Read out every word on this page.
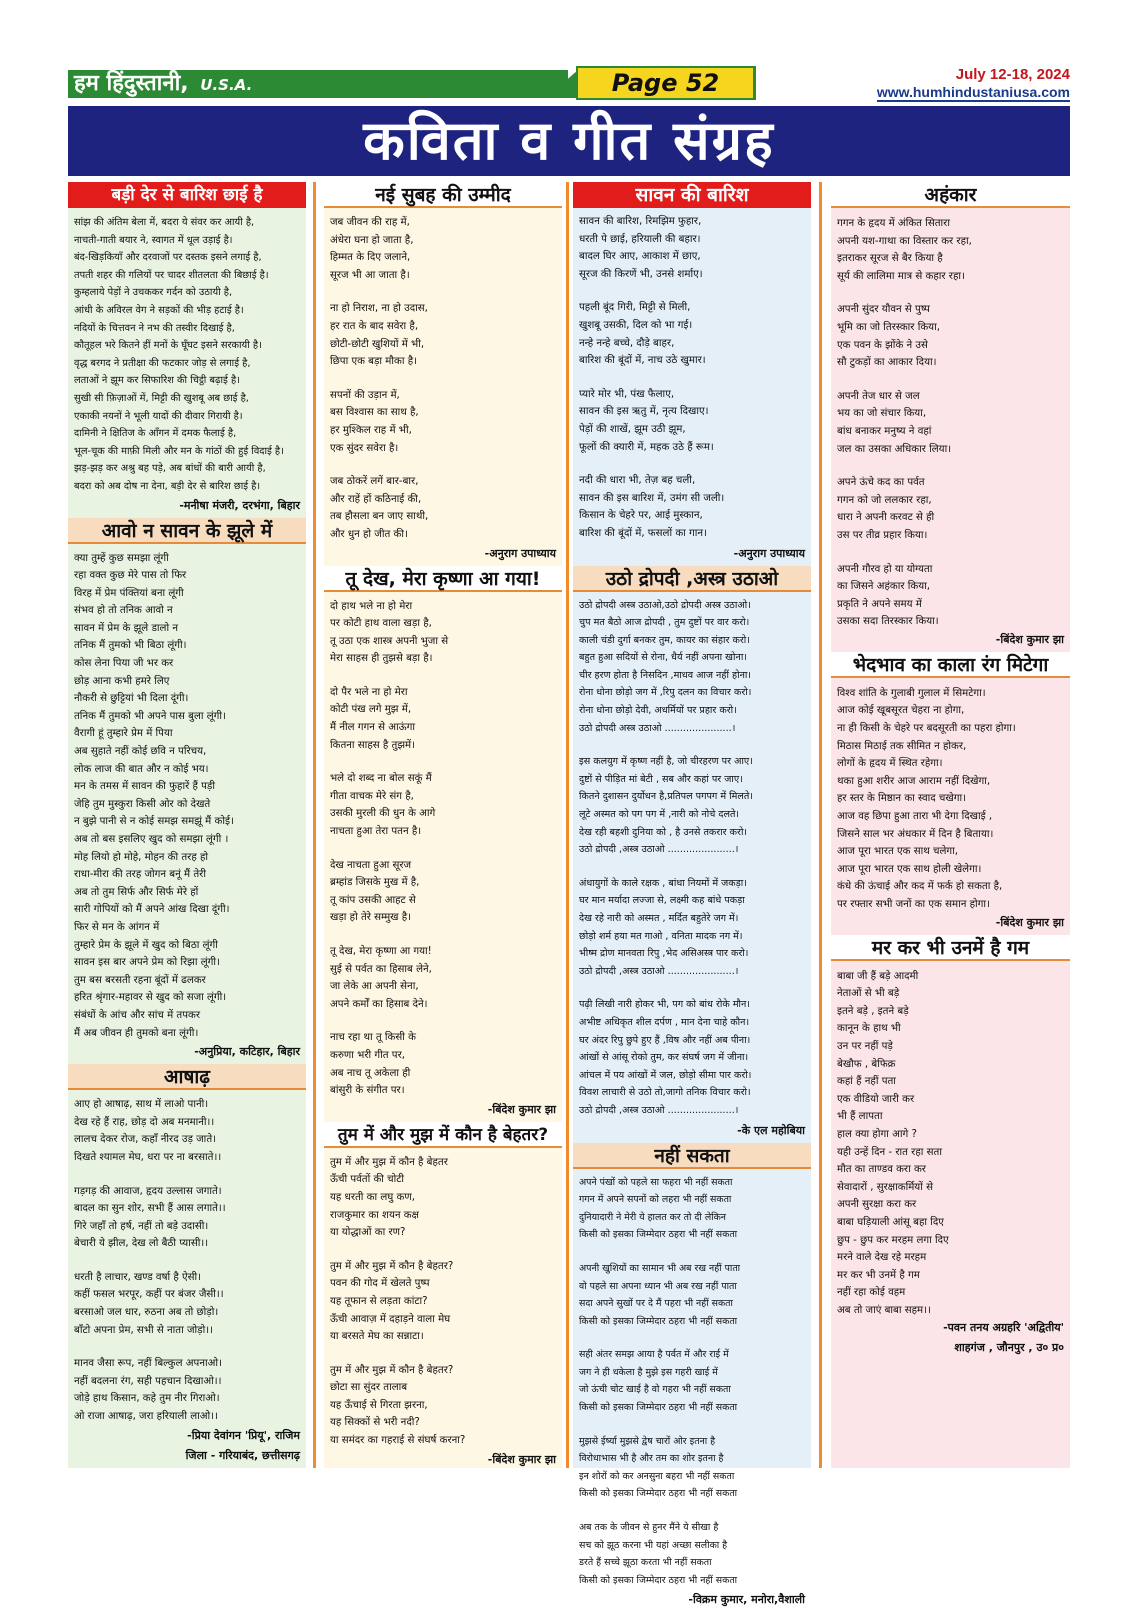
हम हिंदुस्तानी, U.S.A.	Page 52	July 12-18, 2024
www.humhindustaniusa.com
कविता व गीत संग्रह
बड़ी देर से बारिश छाई है
सांझ की अंतिम बेला में, बदरा ये संवर कर आयी है,
नाचती-गाती बयार ने, स्वागत में धूल उड़ाई है।
बंद-खिड़कियाँ और दरवाजों पर दस्तक इसने लगाई है,
तपती शहर की गलियों पर चादर शीतलता की बिछाई है।
कुम्हलाये पेड़ों ने उचककर गर्दन को उठायी है,
आंधी के अविरल वेग ने सड़कों की भीड़ हटाई है।
नदियों के चित्तवन ने नभ की तस्वीर दिखाई है,
कौतूहल भरे कितने हीं मनों के घूँघट इसने सरकायी है।
वृद्ध बरगद ने प्रतीक्षा की फटकार जोड़ से लगाई है,
लताओं ने झूम कर सिफारिश की चिट्ठी बढ़ाई है।
सुखी सी फ़िज़ाओं में, मिट्टी की खुशबू अब छाई है,
एकाकी नयनों ने भूली यादों की दीवार गिरायी है।
दामिनी ने क्षितिज के आँगन में दमक फैलाई है,
भूल-चूक की माफ़ी मिली और मन के गांठों की हुई विदाई है।
झड़-झड़ कर अश्रु बह पड़े, अब बांधों की बारी आयी है,
बदरा को अब दोष ना देना, बड़ी देर से बारिश छाई है।
-मनीषा मंजरी, दरभंगा, बिहार
आवो न सावन के झूले में
क्या तुम्हें कुछ समझा लूंगी
रहा वक्त कुछ मेरे पास तो फिर
विरह में प्रेम पंक्तियां बना लूंगी
संभव हो तो तनिक आवो न
सावन में प्रेम के झूले डालो न
तनिक मैं तुमको भी बिठा लूंगी।
कोस लेना पिया जी भर कर
छोड़ आना कभी हमरे लिए
नौकरी से छुट्टियां भी दिला दूंगी।
तनिक मैं तुमको भी अपने पास बुला लूंगी।
वैरागी हूं तुम्हारे प्रेम में पिया
अब सुहाते नहीं कोई छवि न परिचय,
लोक लाज की बात और न कोई भय।
मन के तमस में सावन की फुहारें हैं पड़ी
जेहि तुम मुस्कुरा किसी ओर को देखते
न बुझे पानी से न कोई समझ समझूं मैं कोई।
अब तो बस इसलिए खुद को समझा लूंगी ।
मोह लियो हो मोहे, मोहन की तरह हो
राधा-मीरा की तरह जोगन बनूं मैं तेरी
अब तो तुम सिर्फ और सिर्फ मेरे हों
सारी गोपियों को मैं अपने आंख दिखा दूंगी।
फिर से मन के आंगन में
तुम्हारे प्रेम के झूले में खुद को बिठा लूंगी
सावन इस बार अपने प्रेम को रिझा लूंगी।
तुम बस बरसती रहना बूंदों में ढलकर
हरित श्रृंगार-महावर से खुद को सजा लूंगी।
संबंधों के आंच और सांच में तपकर
मैं अब जीवन ही तुमको बना लूंगी।
-अनुप्रिया, कटिहार, बिहार
आषाढ़
आए हो आषाढ़, साथ में लाओ पानी।
देख रहे हैं राह, छोड़ दो अब मनमानी।।
लालच देकर रोज, कहाँ नीरद उड़ जाते।
दिखते श्यामल मेघ, धरा पर ना बरसाते।।
गड़गड़ की आवाज, हृदय उल्लास जगाते।
बादल का सुन शोर, सभी हैं आस लगाते।।
गिरे जहाँ तो हर्ष, नहीं तो बड़े उदासी।
बेचारी ये झील, देख लो बैठी प्यासी।।
धरती है लाचार, खण्ड वर्षा है ऐसी।
कहीं फसल भरपूर, कहीं पर बंजर जैसी।।
बरसाओ जल धार, रुठना अब तो छोड़ो।
बाँटो अपना प्रेम, सभी से नाता जोड़ो।।
मानव जैसा रूप, नहीं बिल्कुल अपनाओ।
नहीं बदलना रंग, सही पहचान दिखाओ।।
जोड़े हाथ किसान, कहे तुम नीर गिराओ।
ओ राजा आषाढ़, जरा हरियाली लाओ।।
-प्रिया देवांगन 'प्रियू', राजिम
जिला - गरियाबंद, छत्तीसगढ़
नई सुबह की उम्मीद
जब जीवन की राह में,
अंधेरा घना हो जाता है,
हिम्मत के दिए जलाने,
सूरज भी आ जाता है।
ना हो निराश, ना हो उदास,
हर रात के बाद सवेरा है,
छोटी-छोटी खुशियों में भी,
छिपा एक बड़ा मौका है।
सपनों की उड़ान में,
बस विश्वास का साथ है,
हर मुश्किल राह में भी,
एक सुंदर सवेरा है।
जब ठोकरें लगें बार-बार,
और राहें हों कठिनाई की,
तब हौसला बन जाए साथी,
और धुन हो जीत की।
-अनुराग उपाध्याय
तू देख, मेरा कृष्णा आ गया!
दो हाथ भले ना हो मेरा
पर कोटी हाथ वाला खड़ा है,
तू उठा एक शास्त्र अपनी भुजा से
मेरा साहस ही तुझसे बड़ा है।
दो पैर भले ना हो मेरा
कोटी पंख लगे मुझ में,
मैं नील गगन से आऊंगा
कितना साहस है तुझमें।
भले दो शब्द ना बोल सकूं मैं
गीता वाचक मेरे संग है,
उसकी मुरली की धुन के आगे
नाचता हुआ तेरा पतन है।
देख नाचता हुआ सूरज
ब्रम्हांड जिसके मुख में है,
तू कांप उसकी आहट से
खड़ा हो तेरे सम्मुख है।
तू देख, मेरा कृष्णा आ गया!
सुई से पर्वत का हिसाब लेने,
जा लेके आ अपनी सेना,
अपने कर्मों का हिसाब देने।
नाच रहा था तू किसी के
करुणा भरी गीत पर,
अब नाच तू अकेला ही
बांसुरी के संगीत पर।
-बिंदेश कुमार झा
तुम में और मुझ में कौन है बेहतर?
तुम में और मुझ में कौन है बेहतर
ऊँची पर्वतों की चोटी
यह धरती का लघु कण,
राजकुमार का शयन कक्ष
या योद्धाओं का रण?
तुम में और मुझ में कौन है बेहतर?
पवन की गोद में खेलते पुष्प
यह तूफान से लड़ता कांटा?
ऊँची आवाज़ में दहाड़ने वाला मेघ
या बरसते मेघ का सन्नाटा।
तुम में और मुझ में कौन है बेहतर?
छोटा सा सुंदर तालाब
यह ऊँचाई से गिरता झरना,
यह सिक्कों से भरी नदी?
या समंदर का गहराई से संघर्ष करना?
-बिंदेश कुमार झा
सावन की बारिश
सावन की बारिश, रिमझिम फुहार,
धरती पे छाई, हरियाली की बहार।
बादल घिर आए, आकाश में छाए,
सूरज की किरणें भी, उनसे शर्माए।
पहली बूंद गिरी, मिट्टी से मिली,
खुशबू उसकी, दिल को भा गई।
नन्हे नन्हे बच्चे, दौड़े बाहर,
बारिश की बूंदों में, नाच उठे खुमार।
प्यारे मोर भी, पंख फैलाए,
सावन की इस ऋतु में, नृत्य दिखाए।
पेड़ों की शाखें, झूम उठी झूम,
फूलों की क्यारी में, महक उठे हैं रूम।
नदी की धारा भी, तेज़ बह चली,
सावन की इस बारिश में, उमंग सी जली।
किसान के चेहरे पर, आई मुस्कान,
बारिश की बूंदों में, फसलों का गान।
-अनुराग उपाध्याय
उठो द्रोपदी ,अस्त्र उठाओ
उठो द्रोपदी अस्त्र उठाओ,उठो द्रोपदी अस्त्र उठाओ।
चुप मत बैठो आज द्रोपदी , तुम दुष्टों पर वार करो।
काली चंडी दुर्गा बनकर तुम, कायर का संहार करो।
बहुत हुआ सदियों से रोना, धैर्य नहीं अपना खोना।
चीर हरण होता है निसदिन ,माधव आज नहीं होना।
रोना धोना छोड़ो जग में ,रिपु दलन का विचार करो।
रोना धोना छोड़ो देवी, अधर्मियों पर प्रहार करो।
उठो द्रोपदी अस्त्र उठाओ ......................।
इस कलयुग में कृष्ण नहीं है, जो चीरहरण पर आए।
दुष्टों से पीड़ित मां बेटी , सब और कहां पर जाए।
कितने दुशासन दुर्योधन है,प्रतिपल पगपग में मिलते।
लूटे अस्मत को पग पग में ,नारी को नोचे दलते।
देख रही बहशी दुनिया को , है उनसे तकरार करो।
उठो द्रोपदी ,अस्त्र उठाओ ......................।
अंधायुगों के काले रक्षक , बांधा नियमों में जकड़ा।
घर मान मर्यादा लज्जा से, लक्ष्मी कह बांधे पकड़ा
देख रहे नारी को अस्मत , मर्दित बहुतेरे जग में।
छोड़ो शर्म हया मत गाओ , वनिता मादक नग में।
भीष्म द्रोण मानवता रिपु ,भेद असिअस्त्र पार करो।
उठो द्रोपदी ,अस्त्र उठाओ ......................।
पढ़ी लिखी नारी होकर भी, पग को बांध रोके मौन।
अभीष्ट अधिकृत शील दर्पण , मान देना चाहे कौन।
घर अंदर रिपु छुपे हुए हैं ,विष और नहीं अब पीना।
आंखों से आंसू रोको तुम, कर संघर्ष जग में जीना।
आंचल में पय आंखों में जल, छोड़ो सीमा पार करो।
विवश लाचारी से उठो तो,जागो तनिक विचार करो।
उठो द्रोपदी ,अस्त्र उठाओ ......................।
-के एल महोबिया
नहीं सकता
अपने पंखों को पहले सा फहरा भी नहीं सकता
गगन में अपने सपनों को लहरा भी नहीं सकता
दुनियादारी ने मेरी ये हालत कर तो दी लेकिन
किसी को इसका जिम्मेदार ठहरा भी नहीं सकता
अपनी खुशियों का सामान भी अब रख नहीं पाता
वो पहले सा अपना ध्यान भी अब रख नहीं पाता
सदा अपने सुखों पर दे मैं पहरा भी नहीं सकता
किसी को इसका जिम्मेदार ठहरा भी नहीं सकता
सही अंतर समझ आया है पर्वत में और राई में
जग ने ही धकेला है मुझे इस गहरी खाई में
जो ऊंची चोट खाई है वो गहरा भी नहीं सकता
किसी को इसका जिम्मेदार ठहरा भी नहीं सकता
मुझसे ईर्ष्या मुझसे द्वेष चारों ओर इतना है
विरोधाभास भी है और तम का शोर इतना है
इन शोरों को कर अनसुना बहरा भी नहीं सकता
किसी को इसका जिम्मेदार ठहरा भी नहीं सकता
अब तक के जीवन से हुनर मैंने ये सीखा है
सच को झूठ करना भी यहां अच्छा सलीका है
डरते हैं सच्चे झूठा करता भी नहीं सकता
किसी को इसका जिम्मेदार ठहरा भी नहीं सकता
-विक्रम कुमार, मनोरा,वैशाली
अहंकार
गगन के हृदय में अंकित सितारा
अपनी यश-गाथा का विस्तार कर रहा,
इतराकर सूरज से बैर किया है
सूर्य की लालिमा मात्र से कहार रहा।
अपनी सुंदर यौवन से पुष्प
भूमि का जो तिरस्कार किया,
एक पवन के झोंके ने उसे
सौ टुकड़ों का आकार दिया।
अपनी तेज धार से जल
भय का जो संचार किया,
बांध बनाकर मनुष्य ने वहां
जल का उसका अधिकार लिया।
अपने ऊंचे कद का पर्वत
गगन को जो ललकार रहा,
धारा ने अपनी करवट से ही
उस पर तीव्र प्रहार किया।
अपनी गौरव हो या योग्यता
का जिसने अहंकार किया,
प्रकृति ने अपने समय में
उसका सदा तिरस्कार किया।
-बिंदेश कुमार झा
भेदभाव का काला रंग मिटेगा
विश्व शांति के गुलाबी गुलाल में सिमटेगा।
आज कोई खूबसूरत चेहरा ना होगा,
ना ही किसी के चेहरे पर बदसूरती का पहरा होगा।
मिठास मिठाई तक सीमित न होकर,
लोगों के हृदय में स्थित रहेगा।
थका हुआ शरीर आज आराम नहीं दिखेगा,
हर स्तर के मिष्ठान का स्वाद चखेगा।
आज वह छिपा हुआ तारा भी देगा दिखाई ,
जिसने साल भर अंधकार में दिन है बिताया।
आज पूरा भारत एक साथ चलेगा,
आज पूरा भारत एक साथ होली खेलेगा।
कंधे की ऊंचाई और कद में फर्क हो सकता है,
पर रफ्तार सभी जनों का एक समान होगा।
-बिंदेश कुमार झा
मर कर भी उनमें है गम
बाबा जी हैं बड़े आदमी
नेताओं से भी बड़े
इतने बड़े , इतने बड़े
कानून के हाथ भी
उन पर नहीं पड़े
बेखौफ , बेफिक्र
कहां हैं नहीं पता
एक वीडियो जारी कर
भी हैं लापता
हाल क्या होगा आगे ?
यही उन्हें दिन - रात रहा सता
मौत का ताण्डव करा कर
सेवादारों , सुरक्षाकर्मियों से
अपनी सुरक्षा करा कर
बाबा घड़ियाली आंसू बहा दिए
छुप - छुप कर मरहम लगा दिए
मरने वाले देख रहे मरहम
मर कर भी उनमें है गम
नहीं रहा कोई वहम
अब तो जाएं बाबा सहम।।
-पवन तनय अग्रहरि 'अद्वितीय'
शाहगंज , जौनपुर , उ० प्र०
